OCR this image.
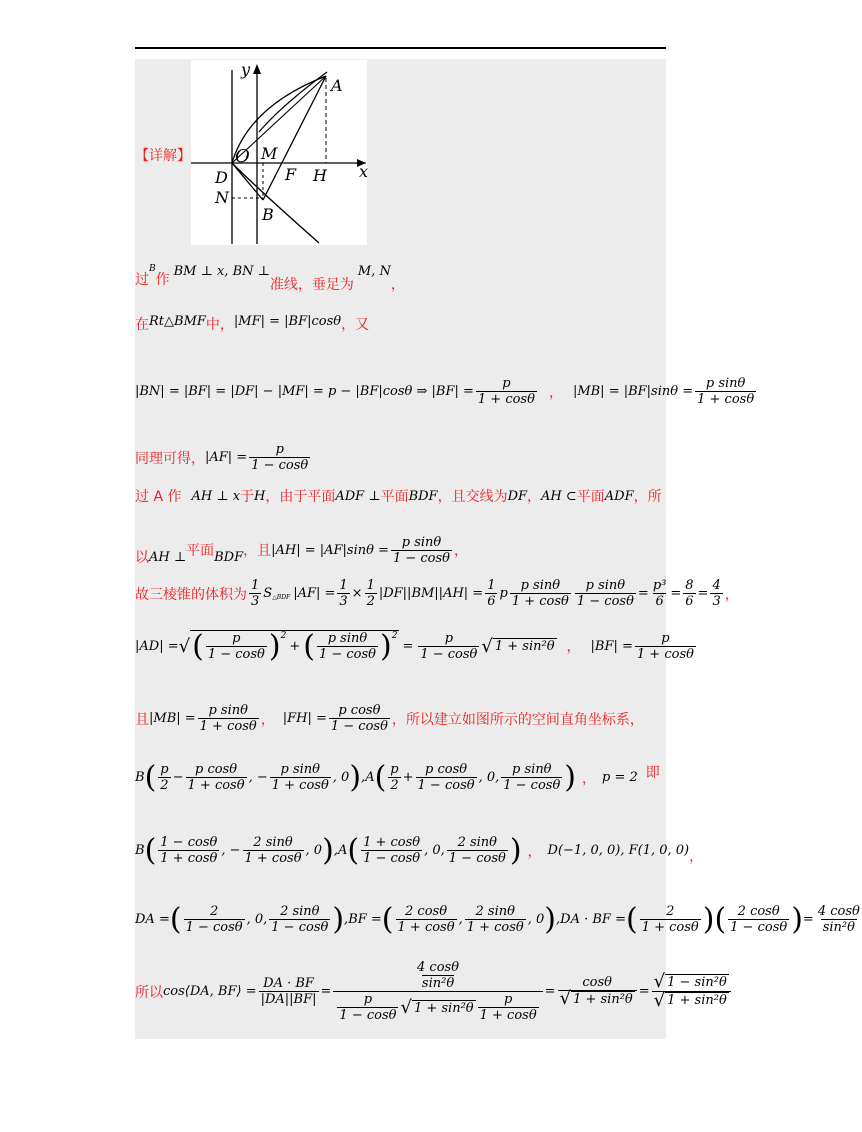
【详解】
x
y
A
O M
D	F H
N
B
过
B
作
BM ⊥ x, BN ⊥
准线，垂足为
M, N
，
在 Rt△BMF 中， |MF| = |BF|cosθ ，又
|BN| = |BF| = |DF| − |MF| = p − |BF|cosθ ⇒ $|BF| = \frac{p}{1 + \cos\theta}$ ， $|MB| = |BF|\sin\theta = \frac{\text{p sinθ}}{1 + \cos\theta}$
同理可得， $|AF| = \frac{p}{1 - \cos\theta}$
过 A 作 AH ⊥ x 于 H ，由于平面 ADF ⊥ 平面 BDF ，且交线为 DF ， AH ⊂ 平面 ADF ，所
以 AH ⊥ 平面 BDF ，且 $|AH| = |AF|\sin\theta = \frac{\text{p sinθ}}{1 - \cos\theta}$ ，
故三棱锥的体积为 $\frac{1}{3}$ S △BDF $|AF| = \frac{1}{3} \times \frac{1}{2} |DF||BM||AH| = \frac{1}{6}$ p $\frac{\text{p sinθ}}{1 + \cos\theta} \frac{\text{p sinθ}}{1 - \cos\theta} = \frac{\text{p³}}{6} = \frac{8}{6} = \frac{4}{3}$ ，
|AD| = √ ( $\frac{p}{1 - \cos\theta}$ ) 2
+ ( $\frac{\text{p sinθ}}{1 - \cos\theta}$ ) 2
= $\frac{p}{1 - \cos\theta}$ √ 1 + sin²θ ， $|BF| = \frac{p}{1 + \cos\theta}$
且 $|MB| = \frac{\text{p sinθ}}{1 + \cos\theta}$ ， $|FH| = \frac{\text{p cosθ}}{1 - \cos\theta}$ ，所以建立如图所示的空间直角坐标系，
B ( $\frac{p}{2} - \frac{\text{p cosθ}}{1 + \cos\theta}$ , − $\frac{\text{p sinθ}}{1 + \cos\theta}$ , 0 ) , A ( $\frac{p}{2} + \frac{\text{p cosθ}}{1 - \cos\theta}$ , 0, $\frac{\text{p sinθ}}{1 - \cos\theta}$ ) ， p = 2 即
B ( $\frac{1 - \cos\theta}{1 + \cos\theta}$ , − $\frac{2 \sin\theta}{1 + \cos\theta}$ , 0 ) , A ( $\frac{1 + \cos\theta}{1 - \cos\theta}$ , 0, $\frac{2 \sin\theta}{1 - \cos\theta}$ ) ， D(−1, 0, 0), F(1, 0, 0) ，
DA = ( $\frac{2}{1 - \cos\theta}$ , 0, $\frac{2 \sin\theta}{1 - \cos\theta}$ ) , BF = ( $\frac{2 \cos\theta}{1 + \cos\theta}$ , $\frac{2 \sin\theta}{1 + \cos\theta}$ , 0 ) , DA · BF = ( $\frac{2}{1 + \cos\theta}$ )( $\frac{2 \cos\theta}{1 - \cos\theta}$ ) = $\frac{4 \cos\theta}{\text{sin²θ}}$
所以 cos⟨DA, BF⟩ = $\frac{DA \cdot BF}{|DA||BF|} = 4$ cosθ
sin²θ
$\frac{p}{1 - \cos\theta}$ √ $1 + \sin^2\theta \frac{p}{1 + \cos\theta} = \frac{\cos\theta}{\text{√ 1 + sin²θ}} = \frac{\text{√ 1 − sin²θ}}{\text{√ 1 + sin²θ}}$
